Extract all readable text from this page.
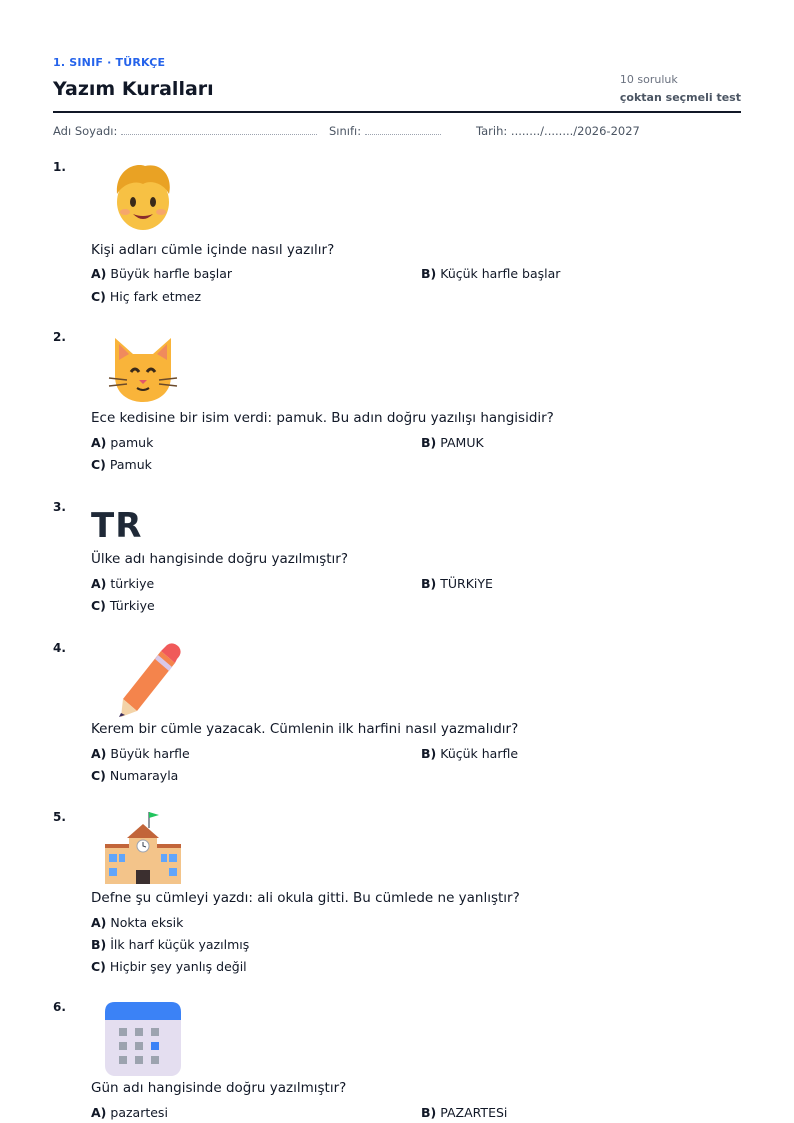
1. SINIF · TÜRKÇE
Yazım Kuralları	10 soruluk
çoktan seçmeli test
Adı Soyadı:	Sınıfı:	Tarih: ......../......../2026-2027
1.
Kişi adları cümle içinde nasıl yazılır?
A) Büyük harfle başlar	B) Küçük harfle başlar
C) Hiç fark etmez
2.
Ece kedisine bir isim verdi: pamuk. Bu adın doğru yazılışı hangisidir?
A) pamuk	B) PAMUK
C) Pamuk
3. TR
Ülke adı hangisinde doğru yazılmıştır?
A) türkiye	B) TÜRKiYE
C) Türkiye
4.
Kerem bir cümle yazacak. Cümlenin ilk harfini nasıl yazmalıdır?
A) Büyük harfle	B) Küçük harfle
C) Numarayla
5.
Defne şu cümleyi yazdı: ali okula gitti. Bu cümlede ne yanlıştır?
A) Nokta eksik
B) İlk harf küçük yazılmış
C) Hiçbir şey yanlış değil
6.
Gün adı hangisinde doğru yazılmıştır?
A) pazartesi	B) PAZARTESi
